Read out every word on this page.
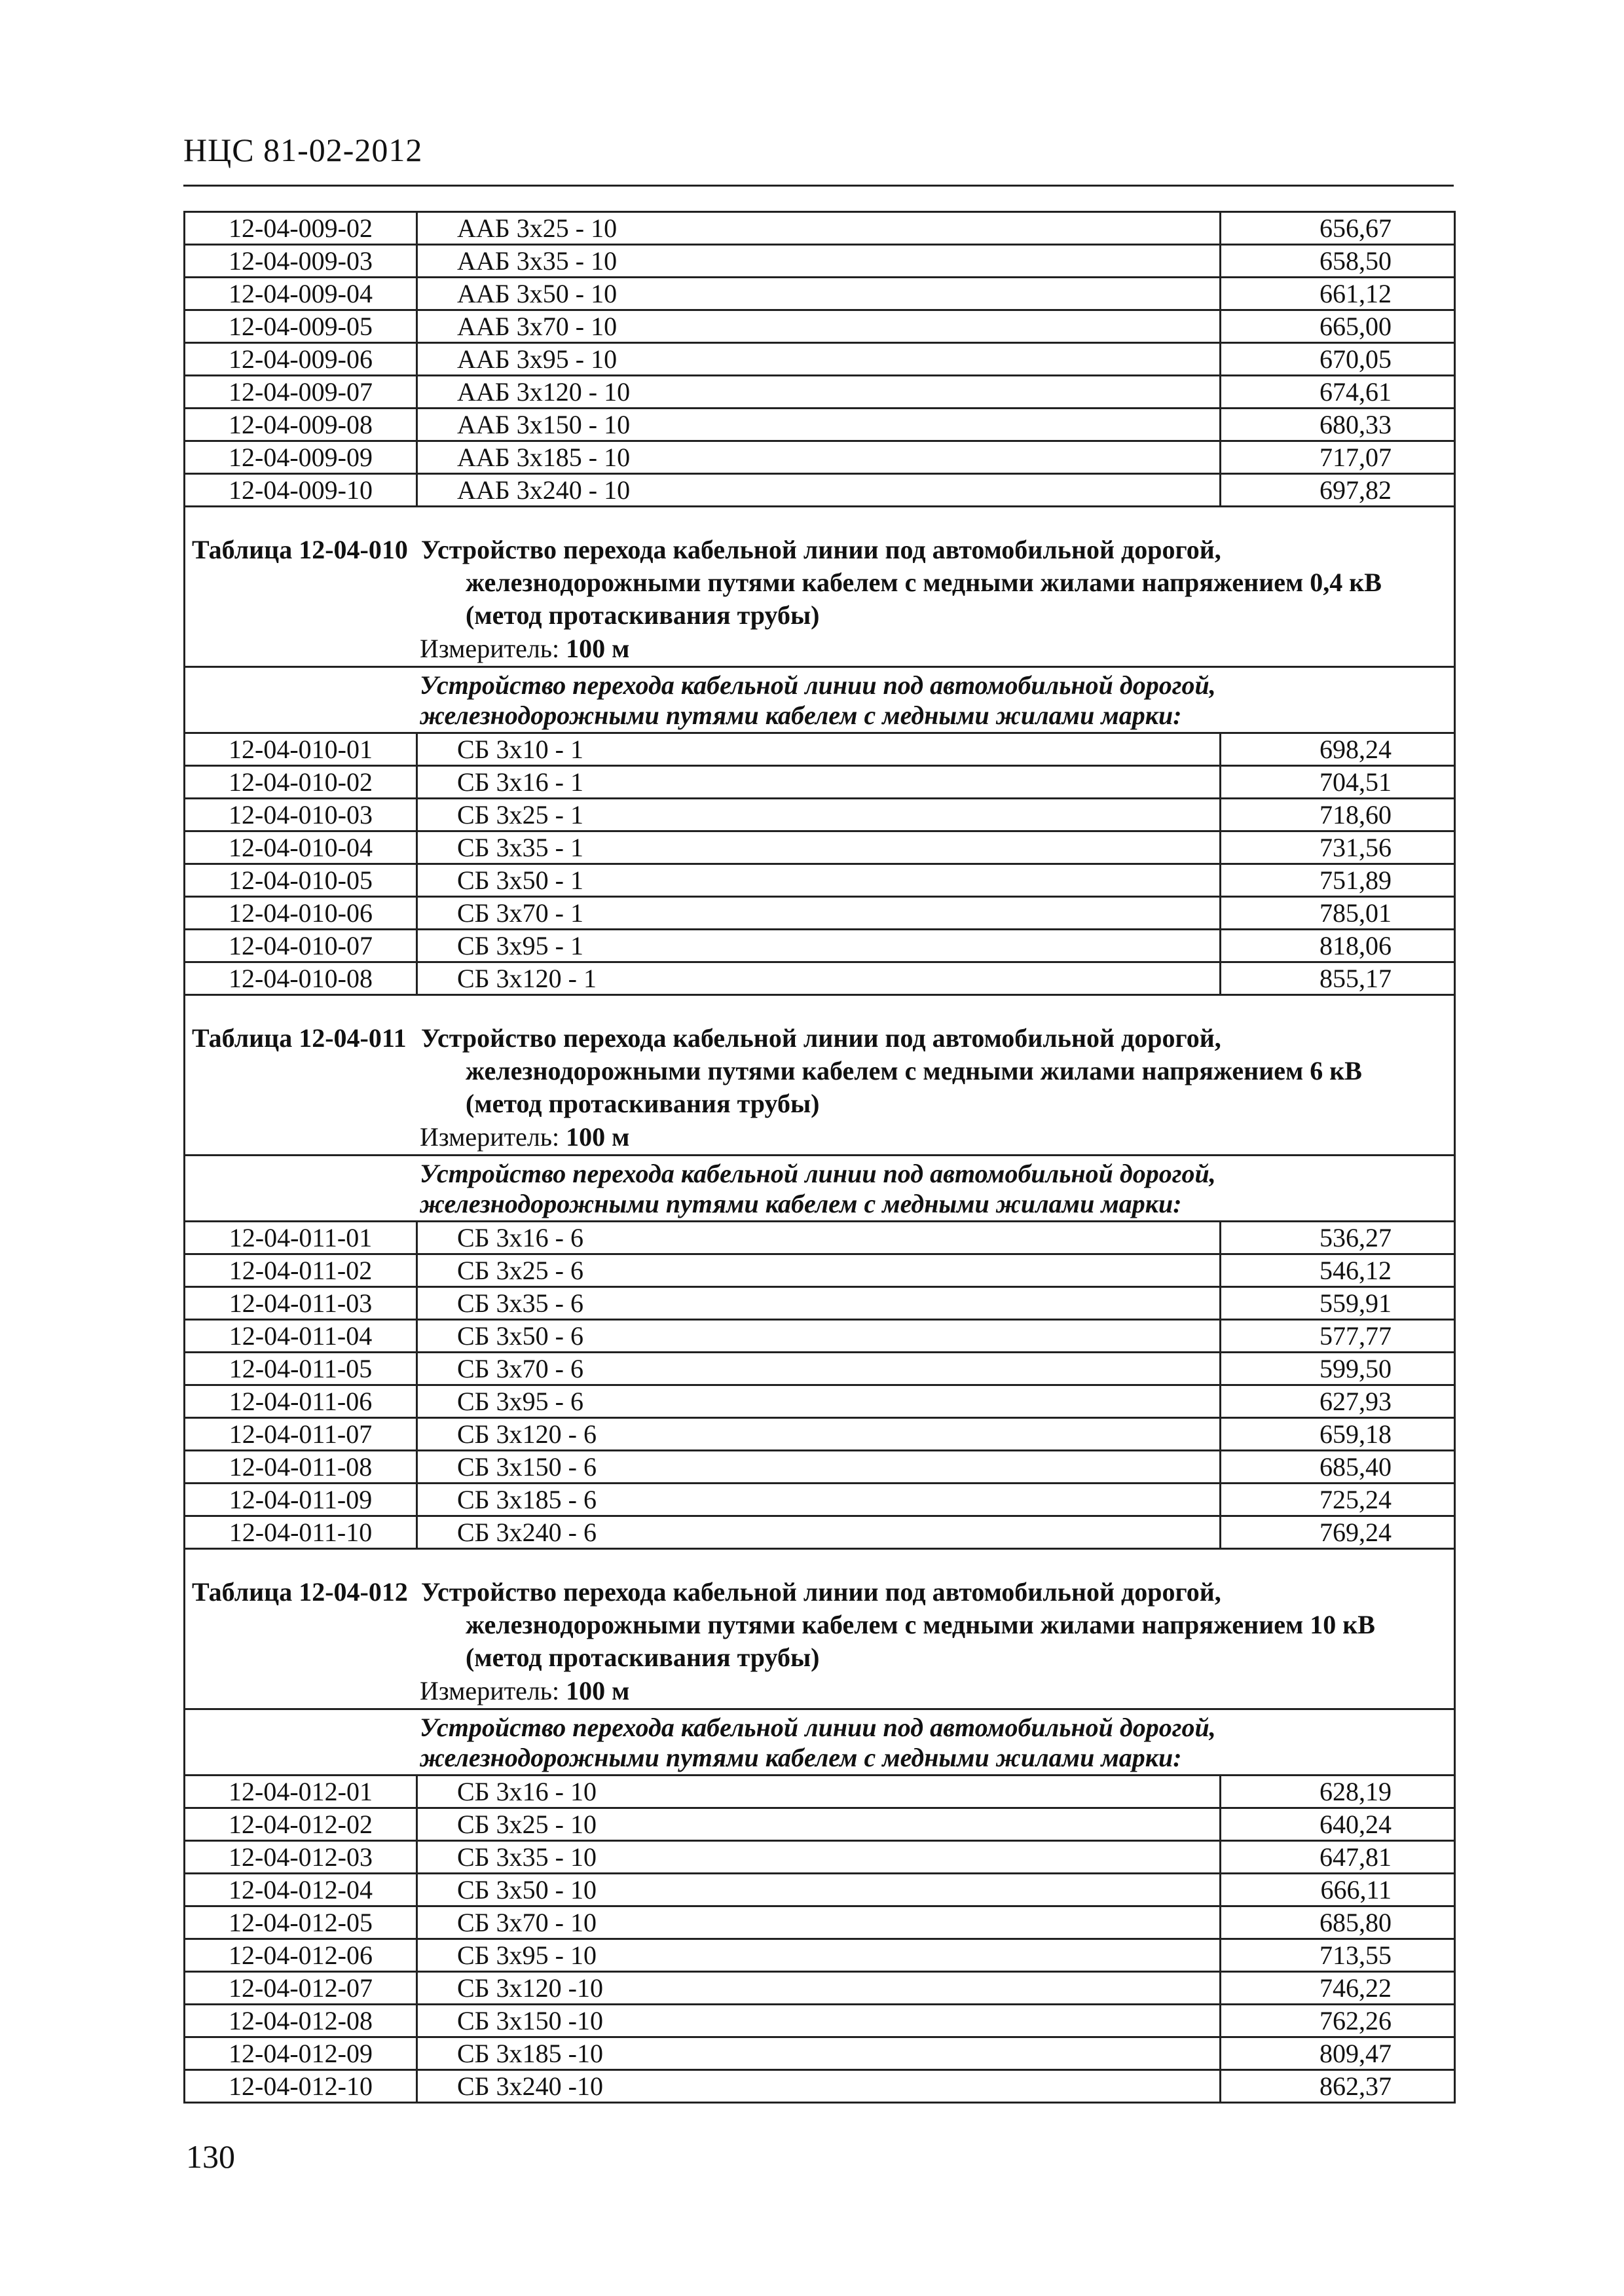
НЦС 81-02-2012
12-04-009-02	ААБ 3х25 - 10	656,67
12-04-009-03	ААБ 3х35 - 10	658,50
12-04-009-04	ААБ 3х50 - 10	661,12
12-04-009-05	ААБ 3х70 - 10	665,00
12-04-009-06	ААБ 3х95 - 10	670,05
12-04-009-07	ААБ 3х120 - 10	674,61
12-04-009-08	ААБ 3х150 - 10	680,33
12-04-009-09	ААБ 3х185 - 10	717,07
12-04-009-10	ААБ 3х240 - 10	697,82
Таблица 12-04-010 Устройство перехода кабельной линии под автомобильной дорогой,
железнодорожными путями кабелем с медными жилами напряжением 0,4 кВ
(метод протаскивания трубы)
Измеритель: 100 м
Устройство перехода кабельной линии под автомобильной дорогой,
железнодорожными путями кабелем с медными жилами марки:
12-04-010-01	СБ 3х10 - 1	698,24
12-04-010-02	СБ 3х16 - 1	704,51
12-04-010-03	СБ 3х25 - 1	718,60
12-04-010-04	СБ 3х35 - 1	731,56
12-04-010-05	СБ 3х50 - 1	751,89
12-04-010-06	СБ 3х70 - 1	785,01
12-04-010-07	СБ 3х95 - 1	818,06
12-04-010-08	СБ 3х120 - 1	855,17
Таблица 12-04-011 Устройство перехода кабельной линии под автомобильной дорогой,
железнодорожными путями кабелем с медными жилами напряжением 6 кВ
(метод протаскивания трубы)
Измеритель: 100 м
Устройство перехода кабельной линии под автомобильной дорогой,
железнодорожными путями кабелем с медными жилами марки:
12-04-011-01	СБ 3х16 - 6	536,27
12-04-011-02	СБ 3х25 - 6	546,12
12-04-011-03	СБ 3х35 - 6	559,91
12-04-011-04	СБ 3х50 - 6	577,77
12-04-011-05	СБ 3х70 - 6	599,50
12-04-011-06	СБ 3х95 - 6	627,93
12-04-011-07	СБ 3х120 - 6	659,18
12-04-011-08	СБ 3х150 - 6	685,40
12-04-011-09	СБ 3х185 - 6	725,24
12-04-011-10	СБ 3х240 - 6	769,24
Таблица 12-04-012 Устройство перехода кабельной линии под автомобильной дорогой,
железнодорожными путями кабелем с медными жилами напряжением 10 кВ
(метод протаскивания трубы)
Измеритель: 100 м
Устройство перехода кабельной линии под автомобильной дорогой,
железнодорожными путями кабелем с медными жилами марки:
12-04-012-01	СБ 3х16 - 10	628,19
12-04-012-02	СБ 3х25 - 10	640,24
12-04-012-03	СБ 3х35 - 10	647,81
12-04-012-04	СБ 3х50 - 10	666,11
12-04-012-05	СБ 3х70 - 10	685,80
12-04-012-06	СБ 3х95 - 10	713,55
12-04-012-07	СБ 3х120 -10	746,22
12-04-012-08	СБ 3х150 -10	762,26
12-04-012-09	СБ 3х185 -10	809,47
12-04-012-10	СБ 3х240 -10	862,37
130
